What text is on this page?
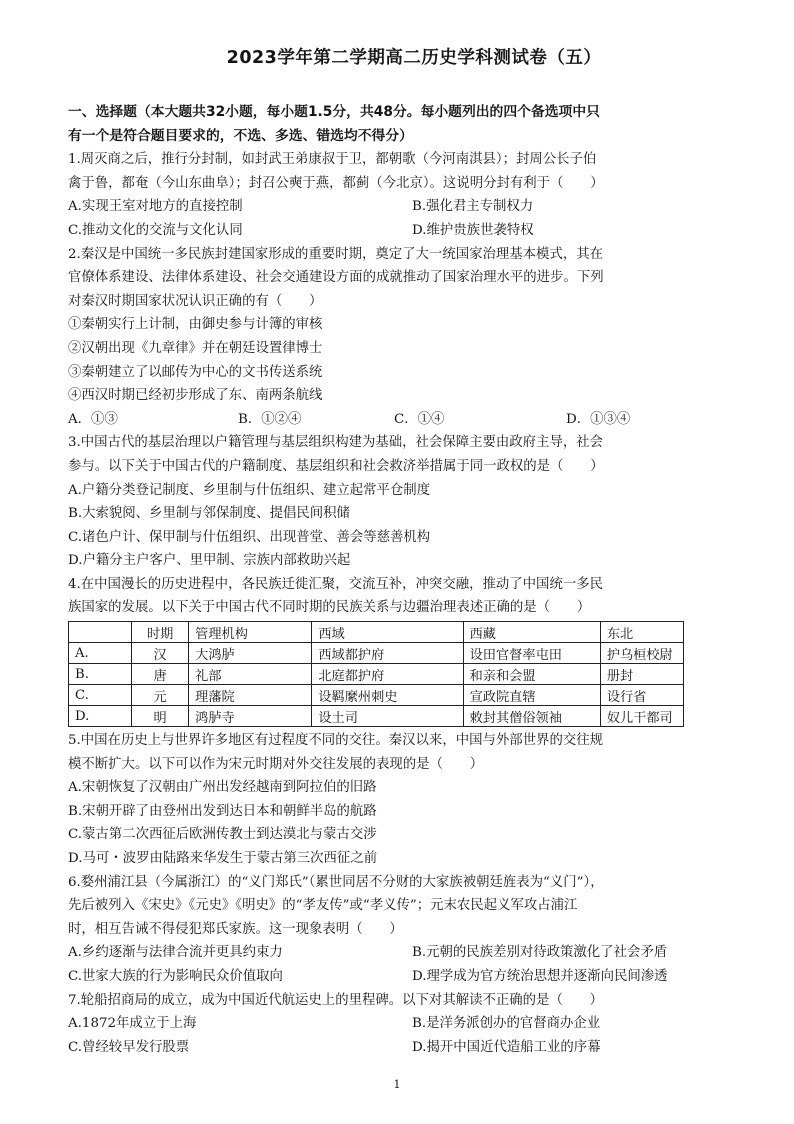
2023学年第二学期高二历史学科测试卷（五）
一、选择题（本大题共32小题，每小题1.5分，共48分。每小题列出的四个备选项中只
有一个是符合题目要求的，不选、多选、错选均不得分）
1.周灭商之后，推行分封制，如封武王弟康叔于卫，都朝歌（今河南淇县）；封周公长子伯
禽于鲁，都奄（今山东曲阜）；封召公奭于燕，都蓟（今北京）。这说明分封有利于（　　）
A.实现王室对地方的直接控制	B.强化君主专制权力
C.推动文化的交流与文化认同	D.维护贵族世袭特权
2.秦汉是中国统一多民族封建国家形成的重要时期，奠定了大一统国家治理基本模式，其在
官僚体系建设、法律体系建设、社会交通建设方面的成就推动了国家治理水平的进步。下列
对秦汉时期国家状况认识正确的有（　　）
①秦朝实行上计制，由御史参与计簿的审核
②汉朝出现《九章律》并在朝廷设置律博士
③秦朝建立了以邮传为中心的文书传送系统
④西汉时期已经初步形成了东、南两条航线
A．①③	B．①②④	C．①④	D．①③④
3.中国古代的基层治理以户籍管理与基层组织构建为基础，社会保障主要由政府主导，社会
参与。以下关于中国古代的户籍制度、基层组织和社会救济举措属于同一政权的是（　　）
A.户籍分类登记制度、乡里制与什伍组织、建立起常平仓制度
B.大索貌阅、乡里制与邻保制度、提倡民间积储
C.诸色户计、保甲制与什伍组织、出现普堂、善会等慈善机构
D.户籍分主户客户、里甲制、宗族内部救助兴起
4.在中国漫长的历史进程中，各民族迁徙汇聚，交流互补，冲突交融，推动了中国统一多民
族国家的发展。以下关于中国古代不同时期的民族关系与边疆治理表述正确的是（　　）
	时期	管理机构	西域	西藏	东北
A.	汉	大鸿胪	西域都护府	设田官督率屯田	护乌桓校尉
B.	唐	礼部	北庭都护府	和亲和会盟	册封
C.	元	理藩院	设羁縻州刺史	宣政院直辖	设行省
D.	明	鸿胪寺	设土司	敕封其僧俗领袖	奴儿干都司
5.中国在历史上与世界许多地区有过程度不同的交往。秦汉以来，中国与外部世界的交往规
模不断扩大。以下可以作为宋元时期对外交往发展的表现的是（　　）
A.宋朝恢复了汉朝由广州出发经越南到阿拉伯的旧路
B.宋朝开辟了由登州出发到达日本和朝鲜半岛的航路
C.蒙古第二次西征后欧洲传教士到达漠北与蒙古交涉
D.马可・波罗由陆路来华发生于蒙古第三次西征之前
6.婺州浦江县（今属浙江）的“义门郑氏”（累世同居不分财的大家族被朝廷旌表为“义门”），
先后被列入《宋史》《元史》《明史》的“孝友传”或“孝义传”；元末农民起义军攻占浦江
时，相互告诫不得侵犯郑氏家族。这一现象表明（　　）
A.乡约逐渐与法律合流并更具约束力	B.元朝的民族差别对待政策激化了社会矛盾
C.世家大族的行为影响民众价值取向	D.理学成为官方统治思想并逐渐向民间渗透
7.轮船招商局的成立，成为中国近代航运史上的里程碑。以下对其解读不正确的是（　　）
A.1872年成立于上海	B.是洋务派创办的官督商办企业
C.曾经较早发行股票	D.揭开中国近代造船工业的序幕
1
